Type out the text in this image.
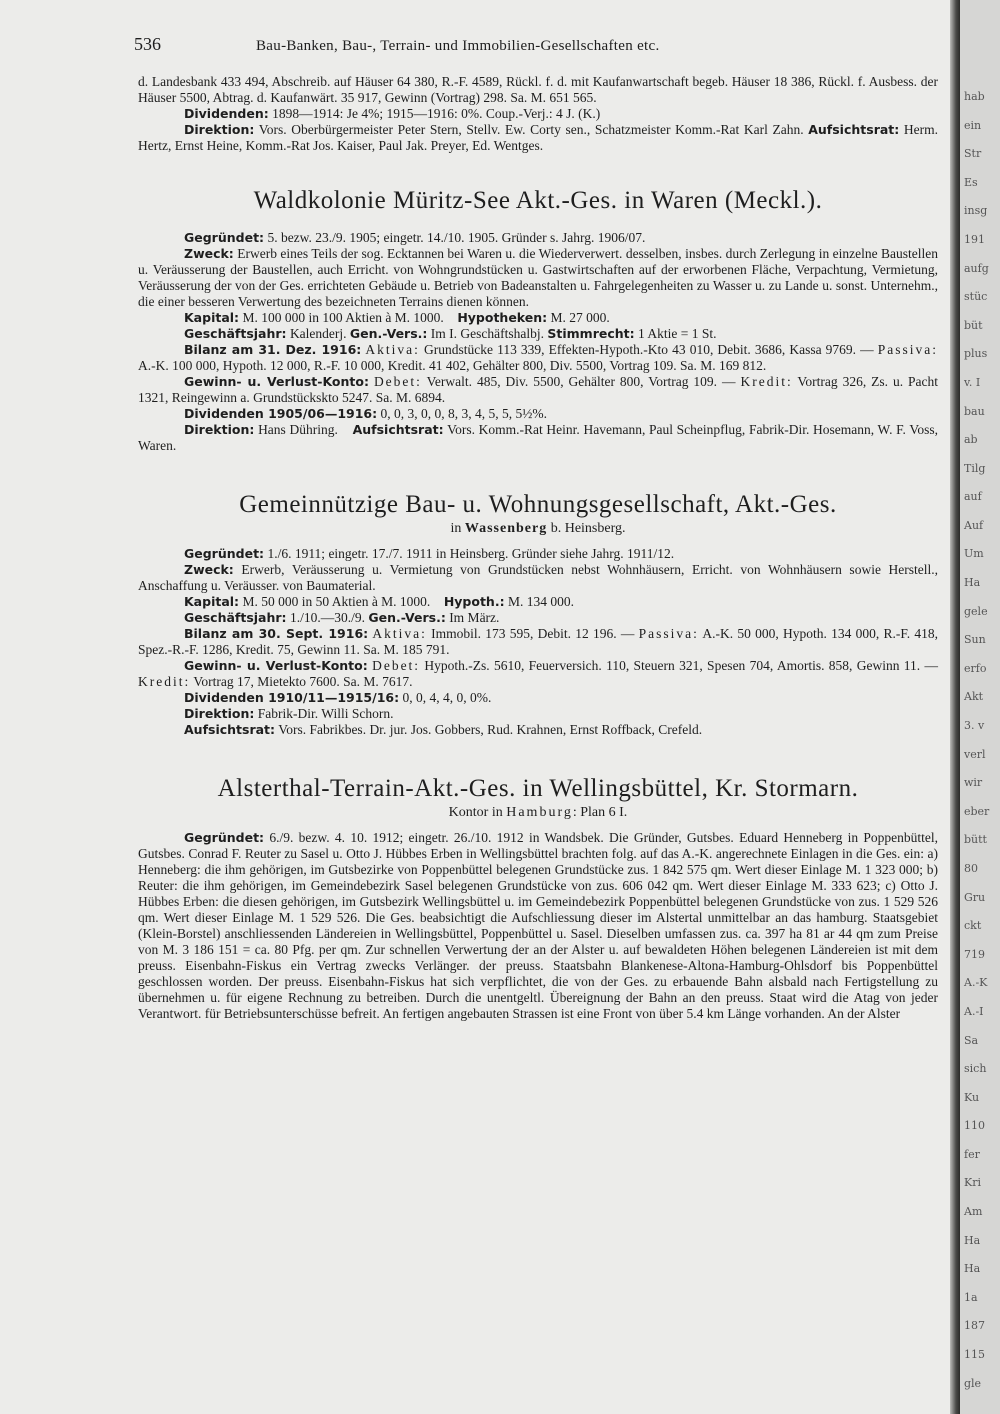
536	Bau-Banken, Bau-, Terrain- und Immobilien-Gesellschaften etc.

d. Landesbank 433 494, Abschreib. auf Häuser 64 380, R.-F. 4589, Rückl. f. d. mit Kaufanwartschaft begeb. Häuser 18 386, Rückl. f. Ausbess. der Häuser 5500, Abtrag. d. Kaufanwärt. 35 917, Gewinn (Vortrag) 298. Sa. M. 651 565.

Dividenden: 1898—1914: Je 4%; 1915—1916: 0%. Coup.-Verj.: 4 J. (K.)

Direktion: Vors. Oberbürgermeister Peter Stern, Stellv. Ew. Corty sen., Schatzmeister Komm.-Rat Karl Zahn. Aufsichtsrat: Herm. Hertz, Ernst Heine, Komm.-Rat Jos. Kaiser, Paul Jak. Preyer, Ed. Wentges.

Waldkolonie Müritz-See Akt.-Ges. in Waren (Meckl.).

Gegründet: 5. bezw. 23./9. 1905; eingetr. 14./10. 1905. Gründer s. Jahrg. 1906/07.

Zweck: Erwerb eines Teils der sog. Ecktannen bei Waren u. die Wiederverwert. desselben, insbes. durch Zerlegung in einzelne Baustellen u. Veräusserung der Baustellen, auch Erricht. von Wohngrundstücken u. Gastwirtschaften auf der erworbenen Fläche, Verpachtung, Vermietung, Veräusserung der von der Ges. errichteten Gebäude u. Betrieb von Badeanstalten u. Fahrgelegenheiten zu Wasser u. zu Lande u. sonst. Unternehm., die einer besseren Verwertung des bezeichneten Terrains dienen können.

Kapital: M. 100 000 in 100 Aktien à M. 1000. Hypotheken: M. 27 000.

Geschäftsjahr: Kalenderj. Gen.-Vers.: Im I. Geschäftshalbj. Stimmrecht: 1 Aktie = 1 St.

Bilanz am 31. Dez. 1916: Aktiva: Grundstücke 113 339, Effekten-Hypoth.-Kto 43 010, Debit. 3686, Kassa 9769. — Passiva: A.-K. 100 000, Hypoth. 12 000, R.-F. 10 000, Kredit. 41 402, Gehälter 800, Div. 5500, Vortrag 109. Sa. M. 169 812.

Gewinn- u. Verlust-Konto: Debet: Verwalt. 485, Div. 5500, Gehälter 800, Vortrag 109. — Kredit: Vortrag 326, Zs. u. Pacht 1321, Reingewinn a. Grundstückskto 5247. Sa. M. 6894.

Dividenden 1905/06—1916: 0, 0, 3, 0, 0, 8, 3, 4, 5, 5, 5½%.

Direktion: Hans Dühring. Aufsichtsrat: Vors. Komm.-Rat Heinr. Havemann, Paul Scheinpflug, Fabrik-Dir. Hosemann, W. F. Voss, Waren.

Gemeinnützige Bau- u. Wohnungsgesellschaft, Akt.-Ges.
in Wassenberg b. Heinsberg.

Gegründet: 1./6. 1911; eingetr. 17./7. 1911 in Heinsberg. Gründer siehe Jahrg. 1911/12.

Zweck: Erwerb, Veräusserung u. Vermietung von Grundstücken nebst Wohnhäusern, Erricht. von Wohnhäusern sowie Herstell., Anschaffung u. Veräusser. von Baumaterial.

Kapital: M. 50 000 in 50 Aktien à M. 1000. Hypoth.: M. 134 000.

Geschäftsjahr: 1./10.—30./9. Gen.-Vers.: Im März.

Bilanz am 30. Sept. 1916: Aktiva: Immobil. 173 595, Debit. 12 196. — Passiva: A.-K. 50 000, Hypoth. 134 000, R.-F. 418, Spez.-R.-F. 1286, Kredit. 75, Gewinn 11. Sa. M. 185 791.

Gewinn- u. Verlust-Konto: Debet: Hypoth.-Zs. 5610, Feuerversich. 110, Steuern 321, Spesen 704, Amortis. 858, Gewinn 11. — Kredit: Vortrag 17, Mietekto 7600. Sa. M. 7617.

Dividenden 1910/11—1915/16: 0, 0, 4, 4, 0, 0%.

Direktion: Fabrik-Dir. Willi Schorn.

Aufsichtsrat: Vors. Fabrikbes. Dr. jur. Jos. Gobbers, Rud. Krahnen, Ernst Roffback, Crefeld.

Alsterthal-Terrain-Akt.-Ges. in Wellingsbüttel, Kr. Stormarn.
Kontor in Hamburg: Plan 6 I.

Gegründet: 6./9. bezw. 4. 10. 1912; eingetr. 26./10. 1912 in Wandsbek. Die Gründer, Gutsbes. Eduard Henneberg in Poppenbüttel, Gutsbes. Conrad F. Reuter zu Sasel u. Otto J. Hübbes Erben in Wellingsbüttel brachten folg. auf das A.-K. angerechnete Einlagen in die Ges. ein: a) Henneberg: die ihm gehörigen, im Gutsbezirke von Poppenbüttel belegenen Grundstücke zus. 1 842 575 qm. Wert dieser Einlage M. 1 323 000; b) Reuter: die ihm gehörigen, im Gemeindebezirk Sasel belegenen Grundstücke von zus. 606 042 qm. Wert dieser Einlage M. 333 623; c) Otto J. Hübbes Erben: die diesen gehörigen, im Gutsbezirk Wellingsbüttel u. im Gemeindebezirk Poppenbüttel belegenen Grundstücke von zus. 1 529 526 qm. Wert dieser Einlage M. 1 529 526. Die Ges. beabsichtigt die Aufschliessung dieser im Alstertal unmittelbar an das hamburg. Staatsgebiet (Klein-Borstel) anschliessenden Ländereien in Wellingsbüttel, Poppenbüttel u. Sasel. Dieselben umfassen zus. ca. 397 ha 81 ar 44 qm zum Preise von M. 3 186 151 = ca. 80 Pfg. per qm. Zur schnellen Verwertung der an der Alster u. auf bewaldeten Höhen belegenen Ländereien ist mit dem preuss. Eisenbahn-Fiskus ein Vertrag zwecks Verlänger. der preuss. Staatsbahn Blankenese-Altona-Hamburg-Ohlsdorf bis Poppenbüttel geschlossen worden. Der preuss. Eisenbahn-Fiskus hat sich verpflichtet, die von der Ges. zu erbauende Bahn alsbald nach Fertigstellung zu übernehmen u. für eigene Rechnung zu betreiben. Durch die unentgeltl. Übereignung der Bahn an den preuss. Staat wird die Atag von jeder Verantwort. für Betriebsunterschüsse befreit. An fertigen angebauten Strassen ist eine Front von über 5.4 km Länge vorhanden. An der Alster

hab
ein
Str
Es
insg
191
aufg
stüc
büt
plus
v. I
bau
ab
Tilg
auf
Auf
Um
Ha
gele
Sun
erfo
Akt
3. v
verl
wir
eber
bütt
80
Gru
ckt
719
A.-K
A.-I
Sa
sich
Ku
110
fer
Kri
Am
Ha
Ha
1a
187
115
gle
